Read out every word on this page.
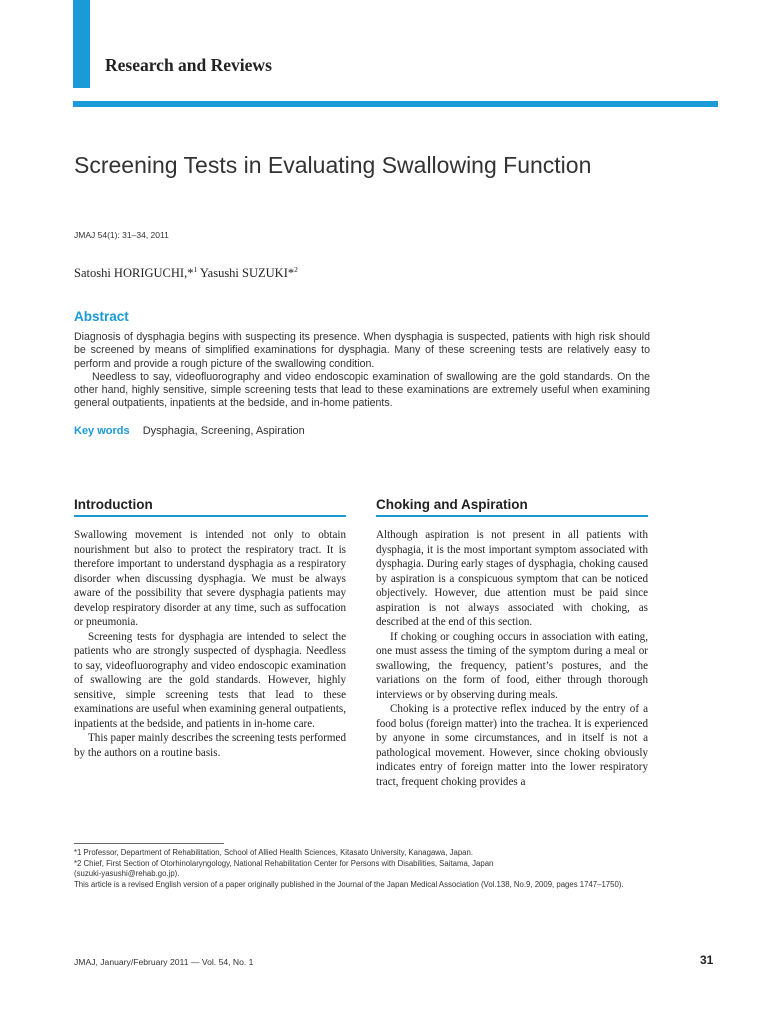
Research and Reviews
Screening Tests in Evaluating Swallowing Function
JMAJ 54(1): 31–34, 2011
Satoshi HORIGUCHI,*$^1$ Yasushi SUZUKI*$^2$
Abstract

Diagnosis of dysphagia begins with suspecting its presence. When dysphagia is suspected, patients with high risk should be screened by means of simplified examinations for dysphagia. Many of these screening tests are relatively easy to perform and provide a rough picture of the swallowing condition.

Needless to say, videofluorography and video endoscopic examination of swallowing are the gold standards. On the other hand, highly sensitive, simple screening tests that lead to these examinations are extremely useful when examining general outpatients, inpatients at the bedside, and in-home patients.

Key words Dysphagia, Screening, Aspiration
Introduction

Swallowing movement is intended not only to obtain nourishment but also to protect the respiratory tract. It is therefore important to understand dysphagia as a respiratory disorder when discussing dysphagia. We must be always aware of the possibility that severe dysphagia patients may develop respiratory disorder at any time, such as suffocation or pneumonia.

Screening tests for dysphagia are intended to select the patients who are strongly suspected of dysphagia. Needless to say, videofluorography and video endoscopic examination of swallowing are the gold standards. However, highly sensitive, simple screening tests that lead to these examinations are useful when examining general outpatients, inpatients at the bedside, and patients in in-home care.

This paper mainly describes the screening tests performed by the authors on a routine basis.

Choking and Aspiration

Although aspiration is not present in all patients with dysphagia, it is the most important symptom associated with dysphagia. During early stages of dysphagia, choking caused by aspiration is a conspicuous symptom that can be noticed objectively. However, due attention must be paid since aspiration is not always associated with choking, as described at the end of this section.

If choking or coughing occurs in association with eating, one must assess the timing of the symptom during a meal or swallowing, the frequency, patient’s postures, and the variations on the form of food, either through thorough interviews or by observing during meals.

Choking is a protective reflex induced by the entry of a food bolus (foreign matter) into the trachea. It is experienced by anyone in some circumstances, and in itself is not a pathological movement. However, since choking obviously indicates entry of foreign matter into the lower respiratory tract, frequent choking provides a

*1 Professor, Department of Rehabilitation, School of Allied Health Sciences, Kitasato University, Kanagawa, Japan.
*2 Chief, First Section of Otorhinolaryngology, National Rehabilitation Center for Persons with Disabilities, Saitama, Japan
(suzuki-yasushi@rehab.go.jp).
This article is a revised English version of a paper originally published in the Journal of the Japan Medical Association (Vol.138, No.9, 2009, pages 1747–1750).
JMAJ, January/February 2011 — Vol. 54, No. 1	31
